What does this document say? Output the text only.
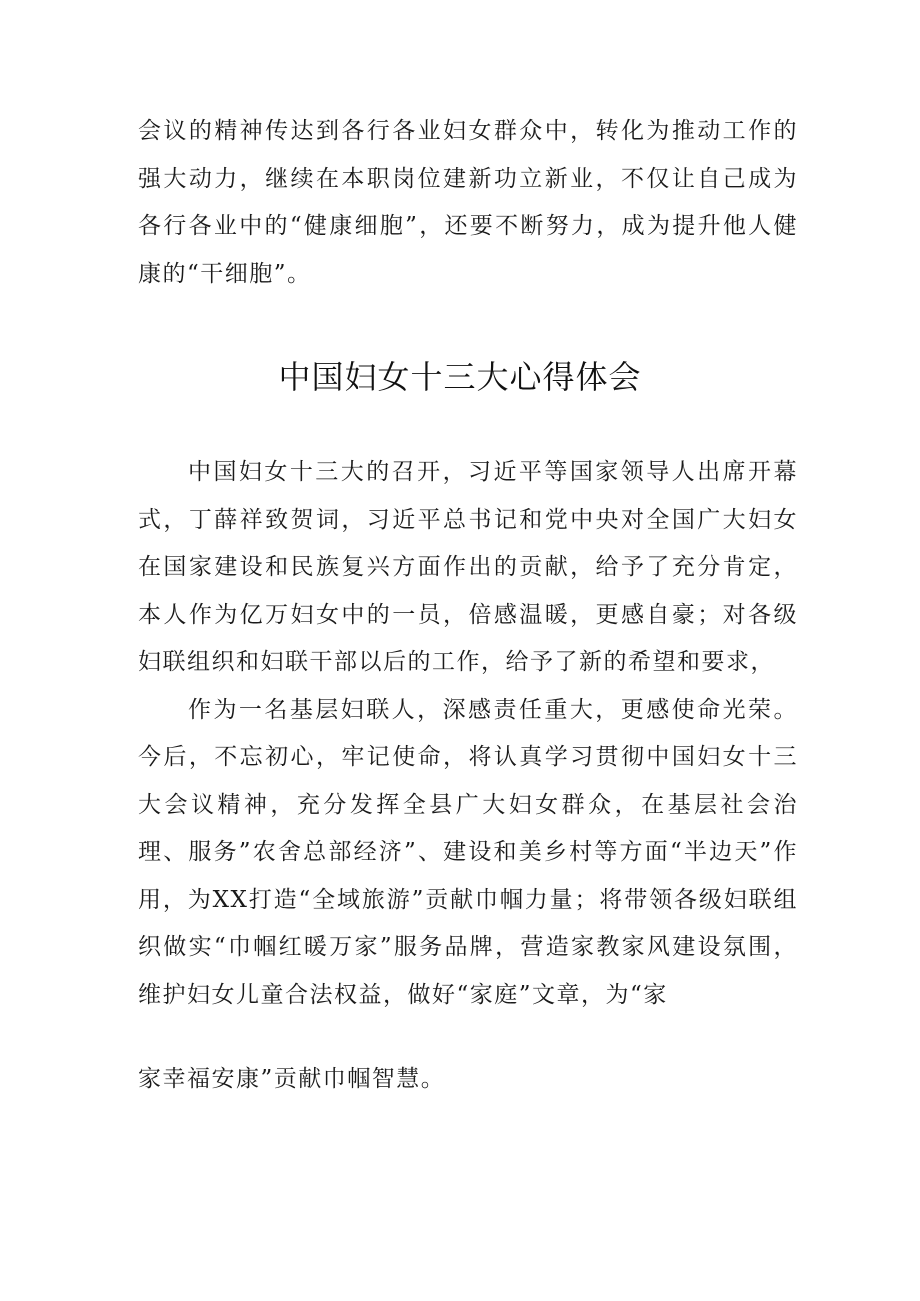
会议的精神传达到各行各业妇女群众中，转化为推动工作的强大动力，继续在本职岗位建新功立新业，不仅让自己成为各行各业中的“健康细胞”，还要不断努力，成为提升他人健康的“干细胞”。

中国妇女十三大心得体会

中国妇女十三大的召开，习近平等国家领导人出席开幕式，丁薛祥致贺词，习近平总书记和党中央对全国广大妇女在国家建设和民族复兴方面作出的贡献，给予了充分肯定，本人作为亿万妇女中的一员，倍感温暖，更感自豪；对各级妇联组织和妇联干部以后的工作，给予了新的希望和要求，

作为一名基层妇联人，深感责任重大，更感使命光荣。今后，不忘初心，牢记使命，将认真学习贯彻中国妇女十三大会议精神，充分发挥全县广大妇女群众，在基层社会治理、服务”农舍总部经济”、建设和美乡村等方面“半边天”作用，为XX打造“全域旅游”贡献巾帼力量；将带领各级妇联组织做实“巾帼红暖万家”服务品牌，营造家教家风建设氛围，维护妇女儿童合法权益，做好“家庭”文章，为“家

家幸福安康”贡献巾帼智慧。
